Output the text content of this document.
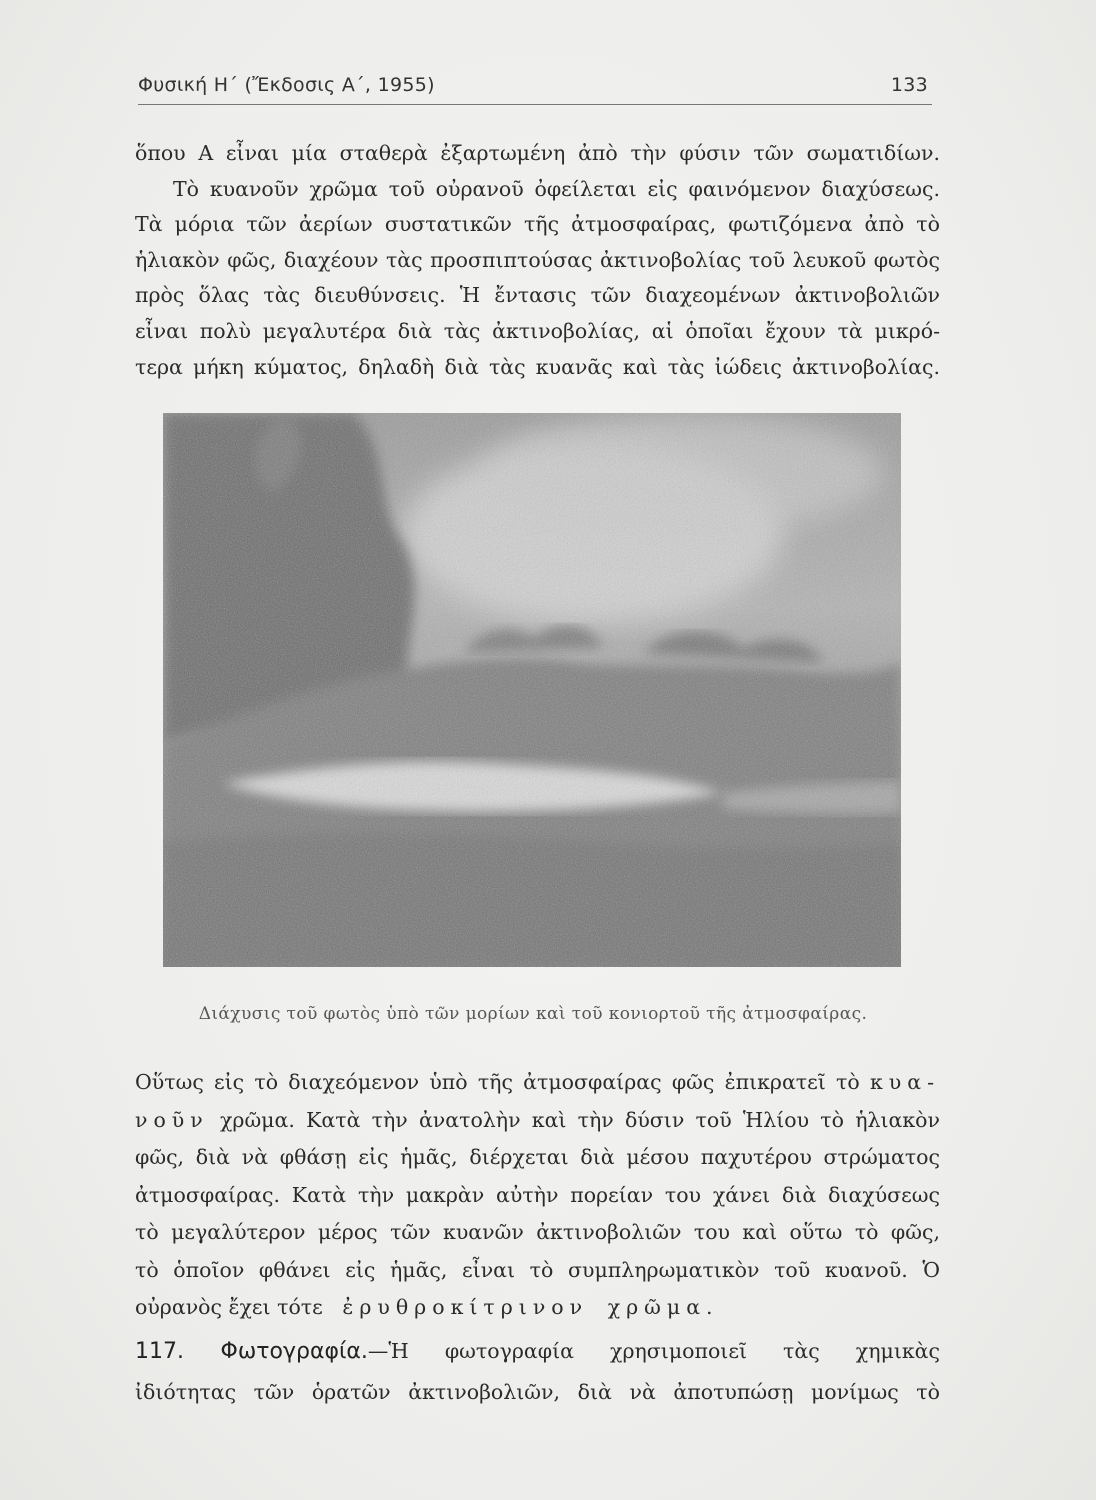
Φυσική Η΄ (Ἔκδοσις Α΄, 1955)	133
ὅπου Α εἶναι μία σταθερὰ ἐξαρτωμένη ἀπὸ τὴν φύσιν τῶν σωματιδίων.
Τὸ κυανοῦν χρῶμα τοῦ οὐρανοῦ ὀφείλεται εἰς φαινόμενον διαχύσεως.
Τὰ μόρια τῶν ἀερίων συστατικῶν τῆς ἀτμοσφαίρας, φωτιζόμενα ἀπὸ τὸ
ἡλιακὸν φῶς, διαχέουν τὰς προσπιπτούσας ἀκτινοβολίας τοῦ λευκοῦ φωτὸς
πρὸς ὅλας τὰς διευθύνσεις. Ἡ ἔντασις τῶν διαχεομένων ἀκτινοβολιῶν
εἶναι πολὺ μεγαλυτέρα διὰ τὰς ἀκτινοβολίας, αἱ ὁποῖαι ἔχουν τὰ μικρό-
τερα μήκη κύματος, δηλαδὴ διὰ τὰς κυανᾶς καὶ τὰς ἰώδεις ἀκτινοβολίας.
Διάχυσις τοῦ φωτὸς ὑπὸ τῶν μορίων καὶ τοῦ κονιορτοῦ τῆς ἀτμοσφαίρας.
Οὕτως εἰς τὸ διαχεόμενον ὑπὸ τῆς ἀτμοσφαίρας φῶς ἐπικρατεῖ τὸ κυα-
νοῦν χρῶμα. Κατὰ τὴν ἀνατολὴν καὶ τὴν δύσιν τοῦ Ἡλίου τὸ ἡλιακὸν
φῶς, διὰ νὰ φθάσῃ εἰς ἡμᾶς, διέρχεται διὰ μέσου παχυτέρου στρώματος
ἀτμοσφαίρας. Κατὰ τὴν μακρὰν αὐτὴν πορείαν του χάνει διὰ διαχύσεως
τὸ μεγαλύτερον μέρος τῶν κυανῶν ἀκτινοβολιῶν του καὶ οὕτω τὸ φῶς,
τὸ ὁποῖον φθάνει εἰς ἡμᾶς, εἶναι τὸ συμπληρωματικὸν τοῦ κυανοῦ. Ὁ
οὐρανὸς ἔχει τότε ἐρυθροκίτρινον χρῶμα.
117. Φωτογραφία.—Ἡ φωτογραφία χρησιμοποιεῖ τὰς χημικὰς
ἰδιότητας τῶν ὁρατῶν ἀκτινοβολιῶν, διὰ νὰ ἀποτυπώσῃ μονίμως τὸ
